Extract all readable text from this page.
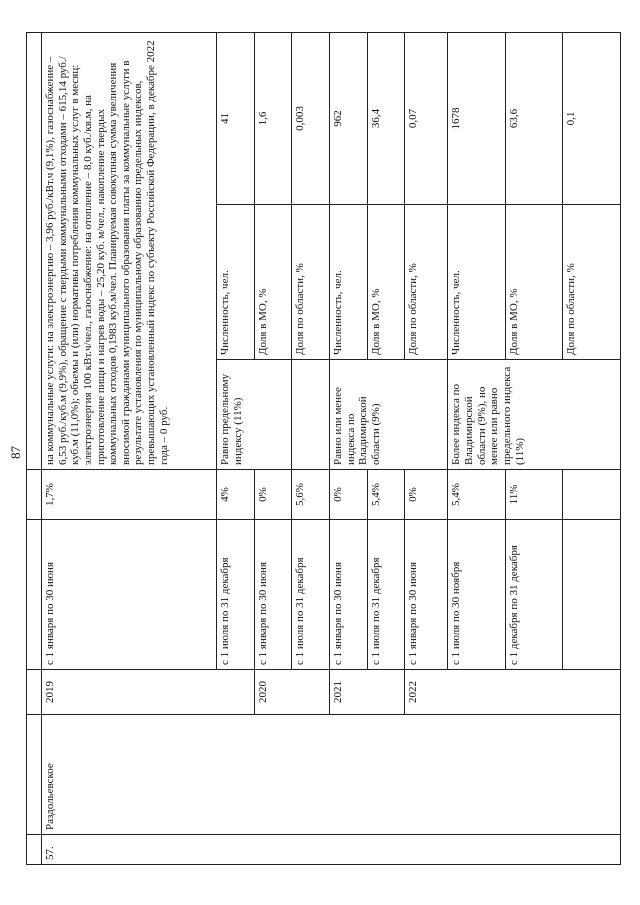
87

57.	Раздольевское	2019	с 1 января по 30 июня	1,7%	на коммунальные услуги: на электроэнергию – 3,96 руб./кВт.ч (9,1%), газоснабжение – 6,53 руб./куб.м (9,9%), обращение с твердыми коммунальными отходами – 615,14 руб./куб.м (11,0%); объемы и (или) нормативы потребления коммунальных услуг в месяц: электроэнергия 100 кВт.ч/чел., газоснабжение: на отопление – 8,0 куб./кв.м, на приготовление пищи и нагрев воды – 25,20 куб. м/чел., накопление твердых коммунальных отходов 0,1983 куб.м/чел. Планируемая совокупная сумма увеличения вносимой гражданами муниципального образования платы за коммунальные услуги в результате установления по муниципальному образованию предельных индексов, превышающих установленный индекс по субъекту Российской Федерации, в декабре 2022 года – 0 руб.		
			с 1 июля по 31 декабря	4%	Равно предельному индексу (11%)	Численность, чел.	41
		2020	с 1 января по 30 июня	0%		Доля в МО, %	1,6
			с 1 июля по 31 декабря	5,6%		Доля по области, %	0,003
		2021	с 1 января по 30 июня	0%	Равно или менее индекса по Владимирской области (9%)	Численность, чел.	962
			с 1 июля по 31 декабря	5,4%		Доля в МО, %	36,4
		2022	с 1 января по 30 июня	0%		Доля по области, %	0,07
			с 1 июля по 30 ноября	5,4%	Более индекса по Владимирской области (9%), но менее или равно предельного индекса (11%)	Численность, чел.	1678
			с 1 декабря по 31 декабря	11%		Доля в МО, %	63,6
						Доля по области, %	0,1
